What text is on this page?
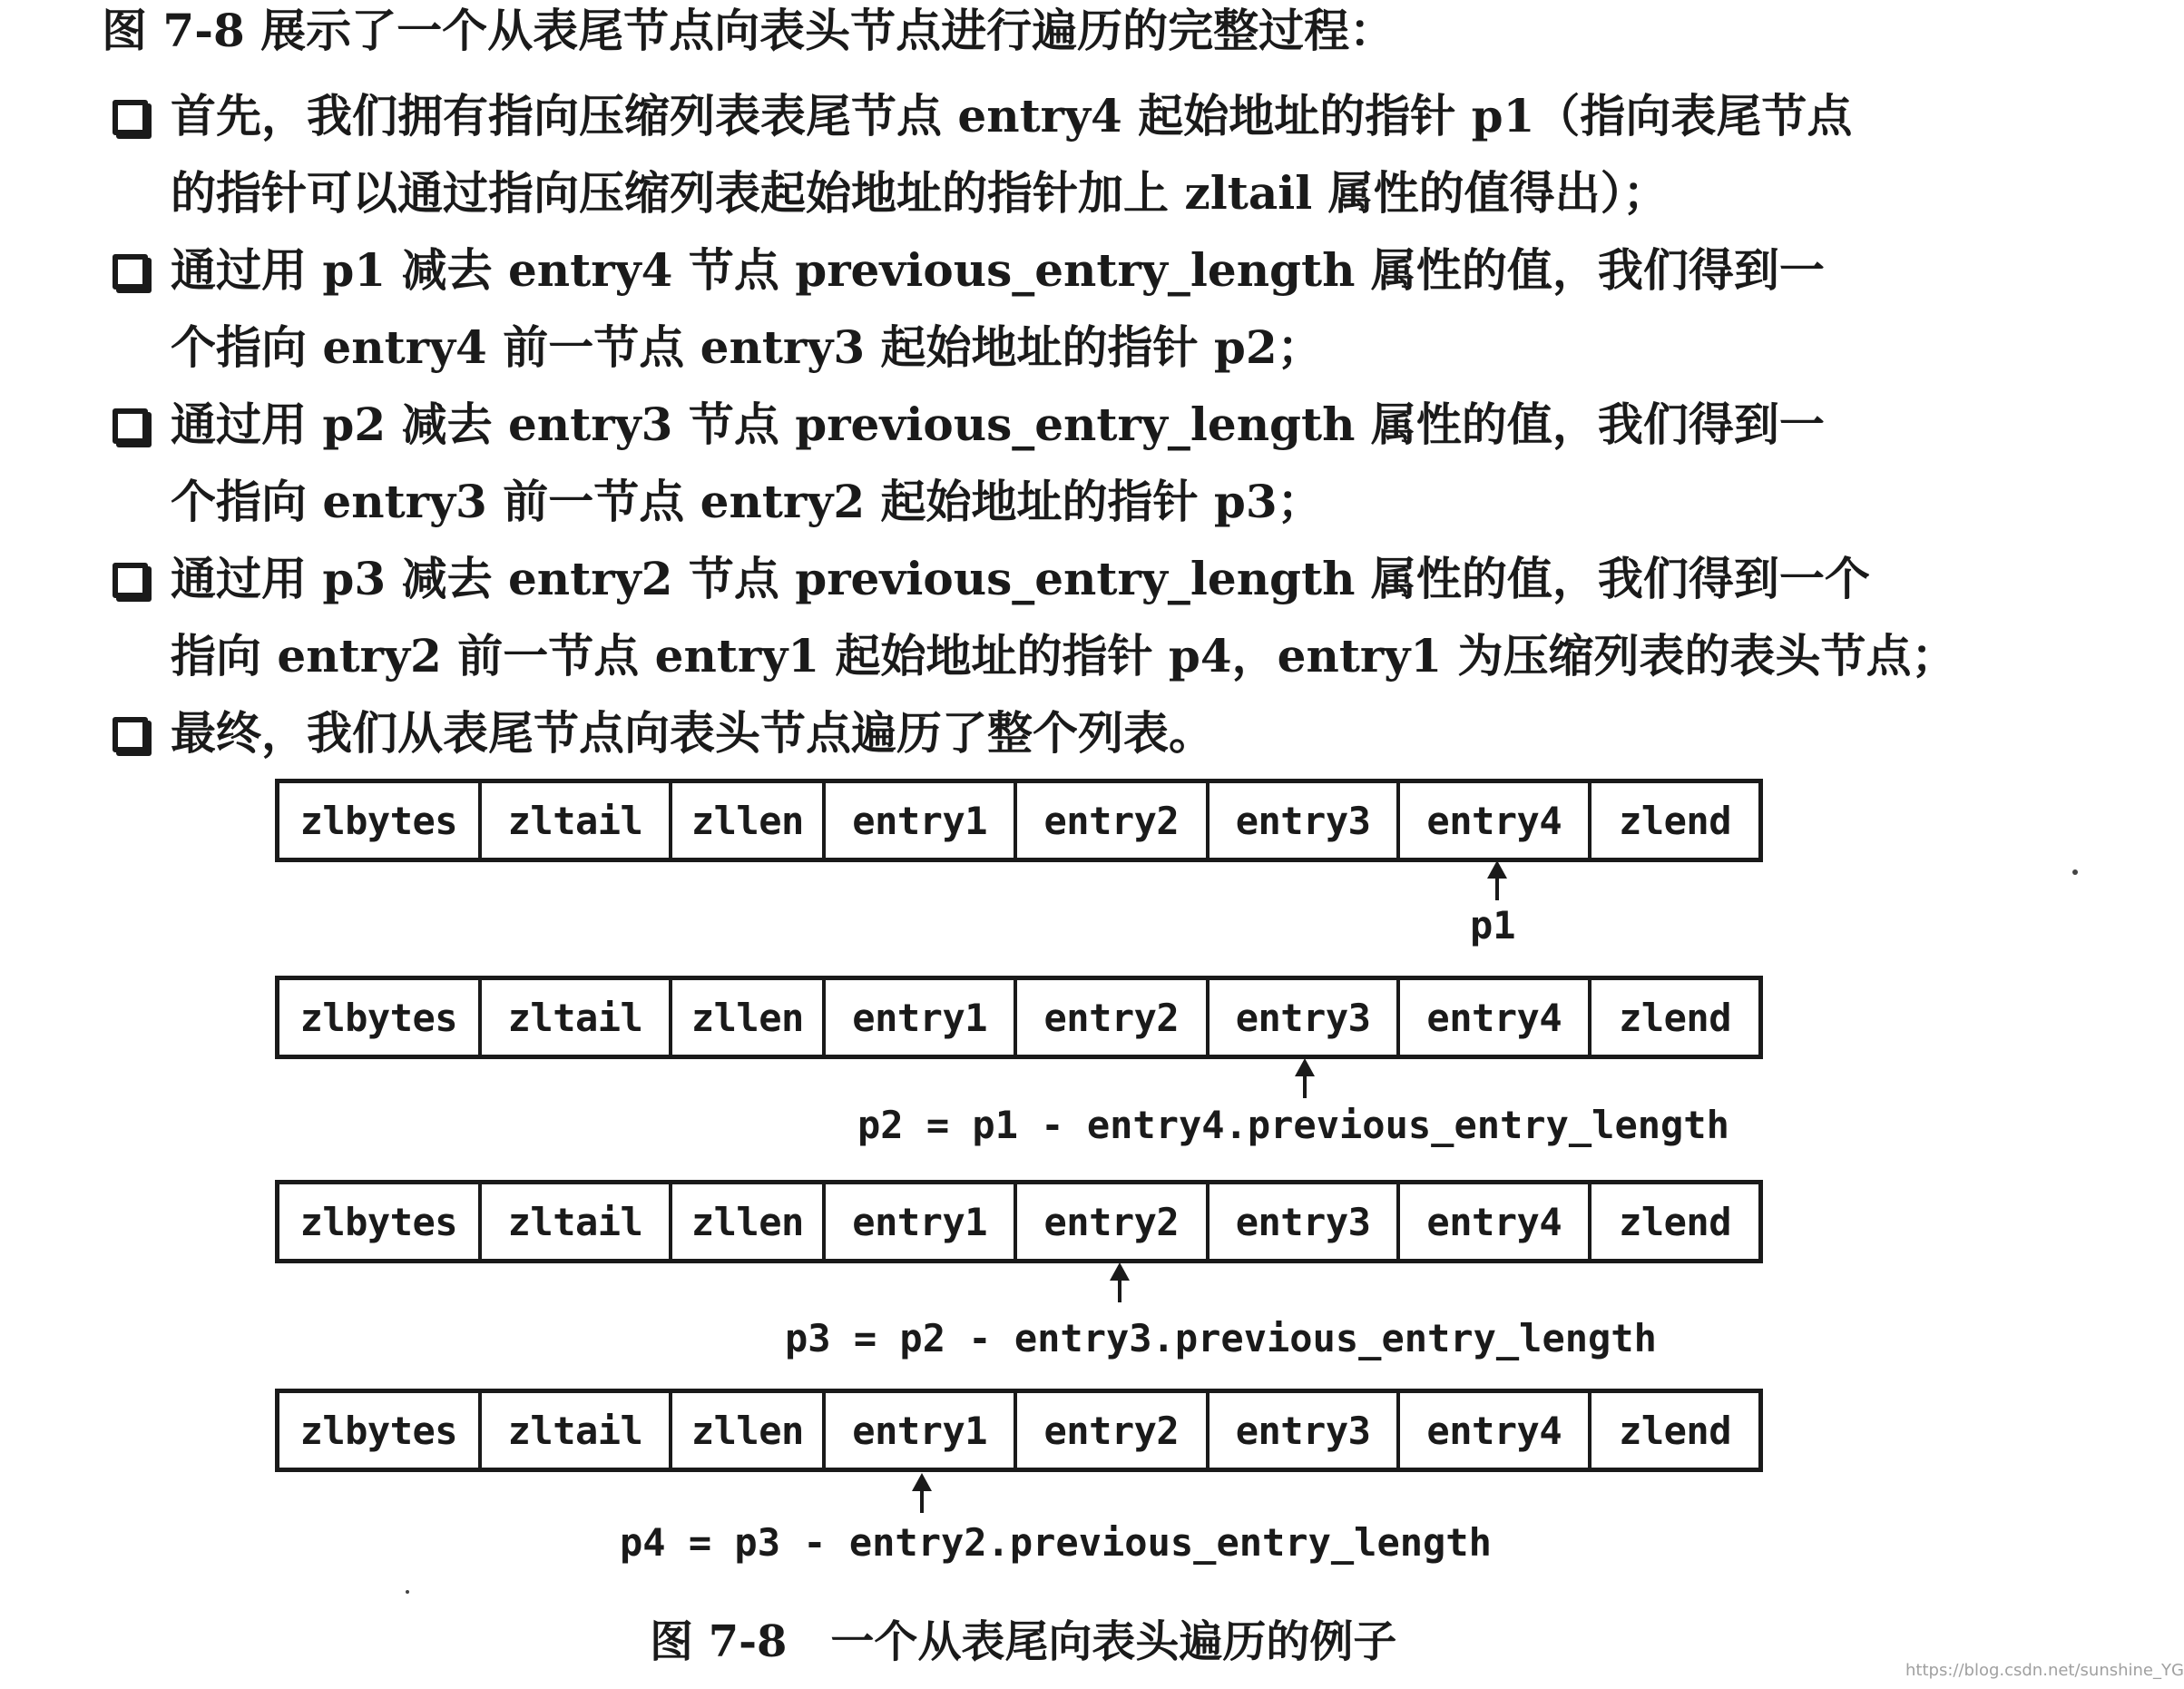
图 7-8 展示了一个从表尾节点向表头节点进行遍历的完整过程：

首先，我们拥有指向压缩列表表尾节点 entry4 起始地址的指针 p1（指向表尾节点
的指针可以通过指向压缩列表起始地址的指针加上 zltail 属性的值得出）；
通过用 p1 减去 entry4 节点 previous_entry_length 属性的值，我们得到一
个指向 entry4 前一节点 entry3 起始地址的指针 p2；
通过用 p2 减去 entry3 节点 previous_entry_length 属性的值，我们得到一
个指向 entry3 前一节点 entry2 起始地址的指针 p3；
通过用 p3 减去 entry2 节点 previous_entry_length 属性的值，我们得到一个
指向 entry2 前一节点 entry1 起始地址的指针 p4，entry1 为压缩列表的表头节点；
最终，我们从表尾节点向表头节点遍历了整个列表。
zlbytes	zltail	zllen	entry1	entry2	entry3	entry4	zlend
p1
zlbytes	zltail	zllen	entry1	entry2	entry3	entry4	zlend
p2 = p1 - entry4.previous_entry_length
zlbytes	zltail	zllen	entry1	entry2	entry3	entry4	zlend
p3 = p2 - entry3.previous_entry_length
zlbytes	zltail	zllen	entry1	entry2	entry3	entry4	zlend
p4 = p3 - entry2.previous_entry_length

图 7-8　一个从表尾向表头遍历的例子

https://blog.csdn.net/sunshine_YG
